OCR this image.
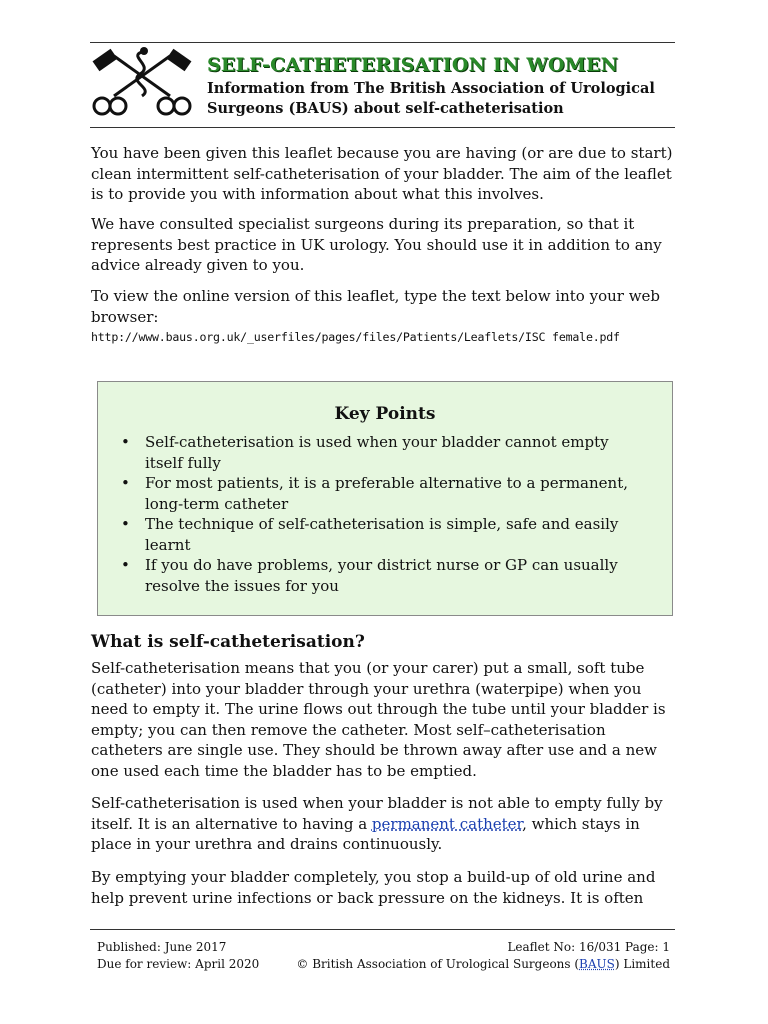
SELF-CATHETERISATION IN WOMEN
Information from The British Association of Urological
Surgeons (BAUS) about self-catheterisation

You have been given this leaflet because you are having (or are due to start) clean intermittent self-catheterisation of your bladder. The aim of the leaflet is to provide you with information about what this involves.

We have consulted specialist surgeons during its preparation, so that it represents best practice in UK urology. You should use it in addition to any advice already given to you.

To view the online version of this leaflet, type the text below into your web browser:

http://www.baus.org.uk/_userfiles/pages/files/Patients/Leaflets/ISC female.pdf
Key Points
• Self-catheterisation is used when your bladder cannot empty itself fully
• For most patients, it is a preferable alternative to a permanent, long-term catheter
• The technique of self-catheterisation is simple, safe and easily learnt
• If you do have problems, your district nurse or GP can usually resolve the issues for you
What is self-catheterisation?

Self-catheterisation means that you (or your carer) put a small, soft tube (catheter) into your bladder through your urethra (waterpipe) when you need to empty it. The urine flows out through the tube until your bladder is empty; you can then remove the catheter. Most self–catheterisation catheters are single use. They should be thrown away after use and a new one used each time the bladder has to be emptied.

Self-catheterisation is used when your bladder is not able to empty fully by itself. It is an alternative to having a permanent catheter, which stays in place in your urethra and drains continuously.

By emptying your bladder completely, you stop a build-up of old urine and help prevent urine infections or back pressure on the kidneys. It is often

Published: June 2017
Due for review: April 2020
Leaflet No: 16/031 Page: 1
© British Association of Urological Surgeons (BAUS) Limited
